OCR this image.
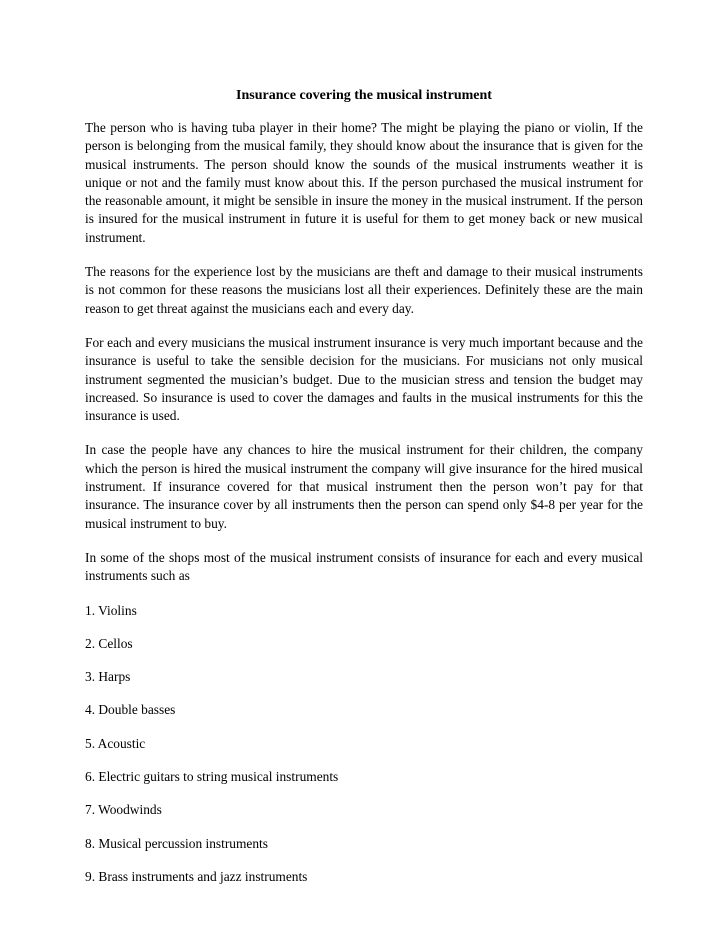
Insurance covering the musical instrument

The person who is having tuba player in their home? The might be playing the piano or violin, If the person is belonging from the musical family, they should know about the insurance that is given for the musical instruments. The person should know the sounds of the musical instruments weather it is unique or not and the family must know about this. If the person purchased the musical instrument for the reasonable amount, it might be sensible in insure the money in the musical instrument. If the person is insured for the musical instrument in future it is useful for them to get money back or new musical instrument.

The reasons for the experience lost by the musicians are theft and damage to their musical instruments is not common for these reasons the musicians lost all their experiences. Definitely these are the main reason to get threat against the musicians each and every day.

For each and every musicians the musical instrument insurance is very much important because and the insurance is useful to take the sensible decision for the musicians. For musicians not only musical instrument segmented the musician’s budget. Due to the musician stress and tension the budget may increased. So insurance is used to cover the damages and faults in the musical instruments for this the insurance is used.

In case the people have any chances to hire the musical instrument for their children, the company which the person is hired the musical instrument the company will give insurance for the hired musical instrument. If insurance covered for that musical instrument then the person won’t pay for that insurance. The insurance cover by all instruments then the person can spend only $4-8 per year for the musical instrument to buy.

In some of the shops most of the musical instrument consists of insurance for each and every musical instruments such as

1. Violins
2. Cellos
3. Harps
4. Double basses
5. Acoustic
6. Electric guitars to string musical instruments
7. Woodwinds
8. Musical percussion instruments
9. Brass instruments and jazz instruments
